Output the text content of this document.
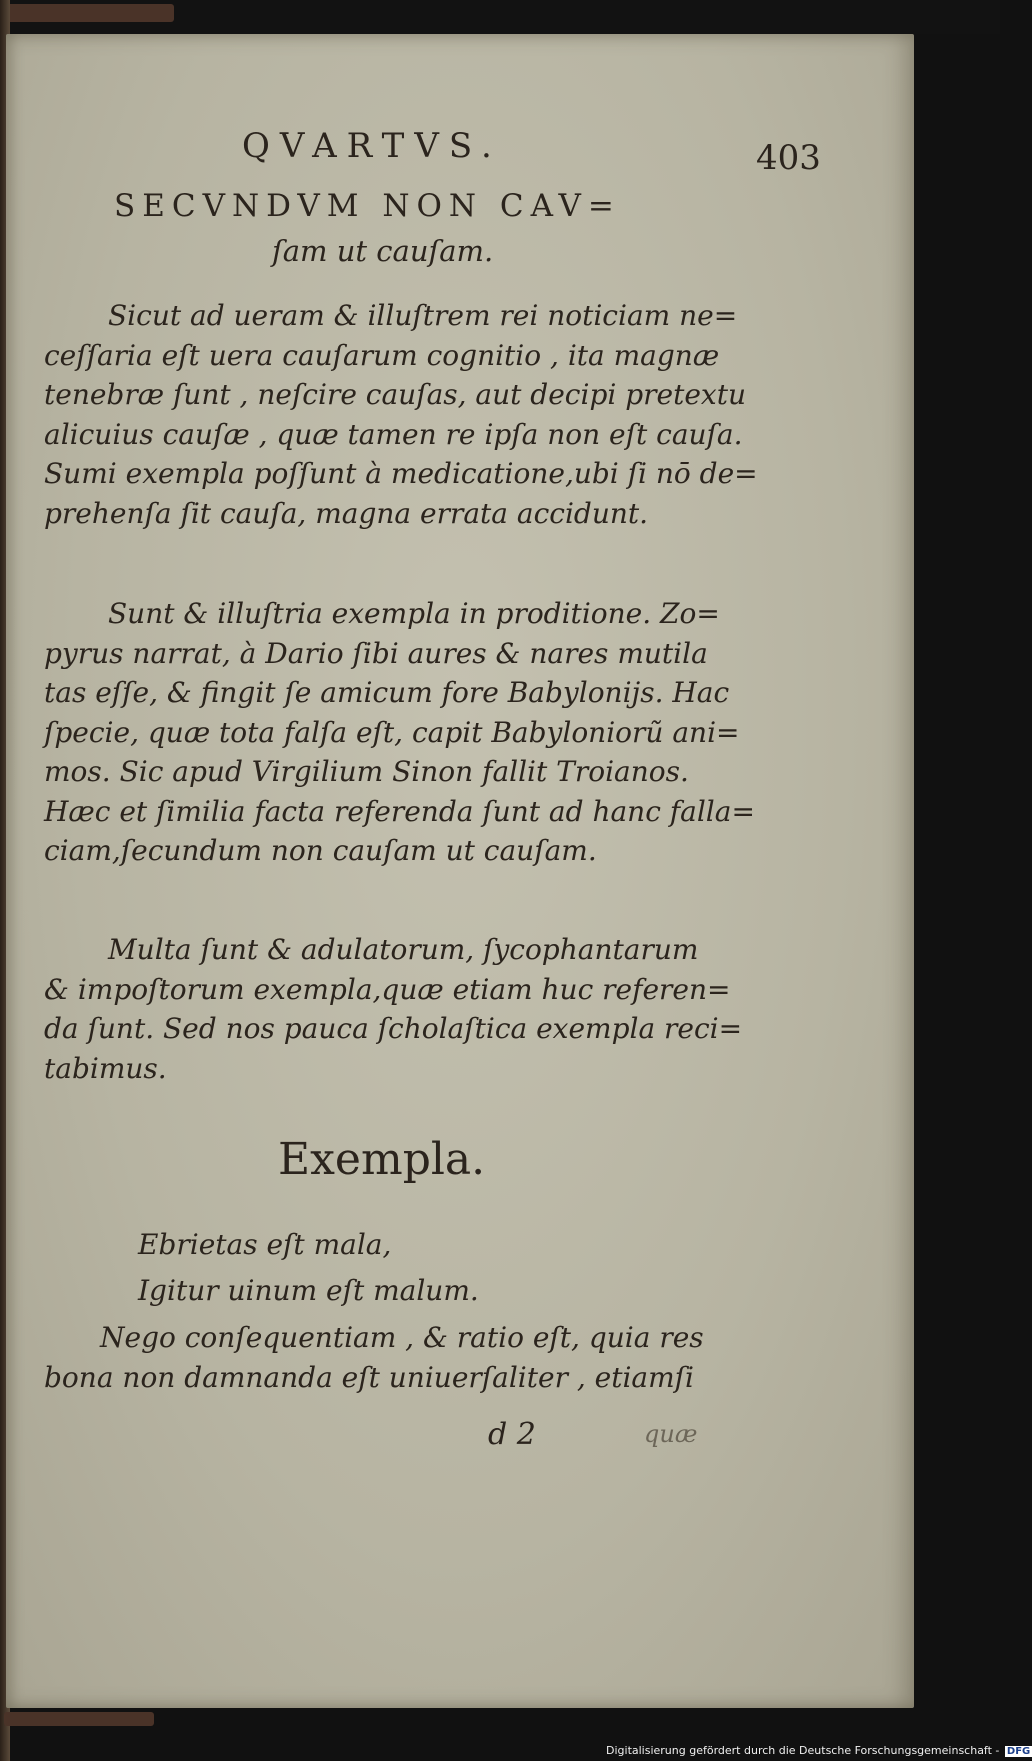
QVARTVS.	403
SECVNDVM NON CAV=
ſam ut cauſam.
Sicut ad ueram & illuſtrem rei noticiam ne=
ceſſaria eſt uera cauſarum cognitio , ita magnæ
tenebræ ſunt , neſcire cauſas, aut decipi pretextu
alicuius cauſæ , quæ tamen re ipſa non eſt cauſa.
Sumi exempla poſſunt à medicatione,ubi ſi nō de=
prehenſa ſit cauſa, magna errata accidunt.
Sunt & illuſtria exempla in proditione. Zo=
pyrus narrat, à Dario ſibi aures & nares mutila
tas eſſe, & fingit ſe amicum fore Babylonijs. Hac
ſpecie, quæ tota falſa eſt, capit Babyloniorũ ani=
mos. Sic apud Virgilium Sinon fallit Troianos.
Hæc et ſimilia facta referenda ſunt ad hanc falla=
ciam,ſecundum non cauſam ut cauſam.
Multa ſunt & adulatorum, ſycophantarum
& impoſtorum exempla,quæ etiam huc referen=
da ſunt. Sed nos pauca ſcholaſtica exempla reci=
tabimus.
Exempla.
Ebrietas eſt mala,
Igitur uinum eſt malum.
Nego conſequentiam , & ratio eſt, quia res
bona non damnanda eſt uniuerſaliter , etiamſi
d 2	quæ
Digitalisierung gefördert durch die Deutsche Forschungsgemeinschaft - DFG
